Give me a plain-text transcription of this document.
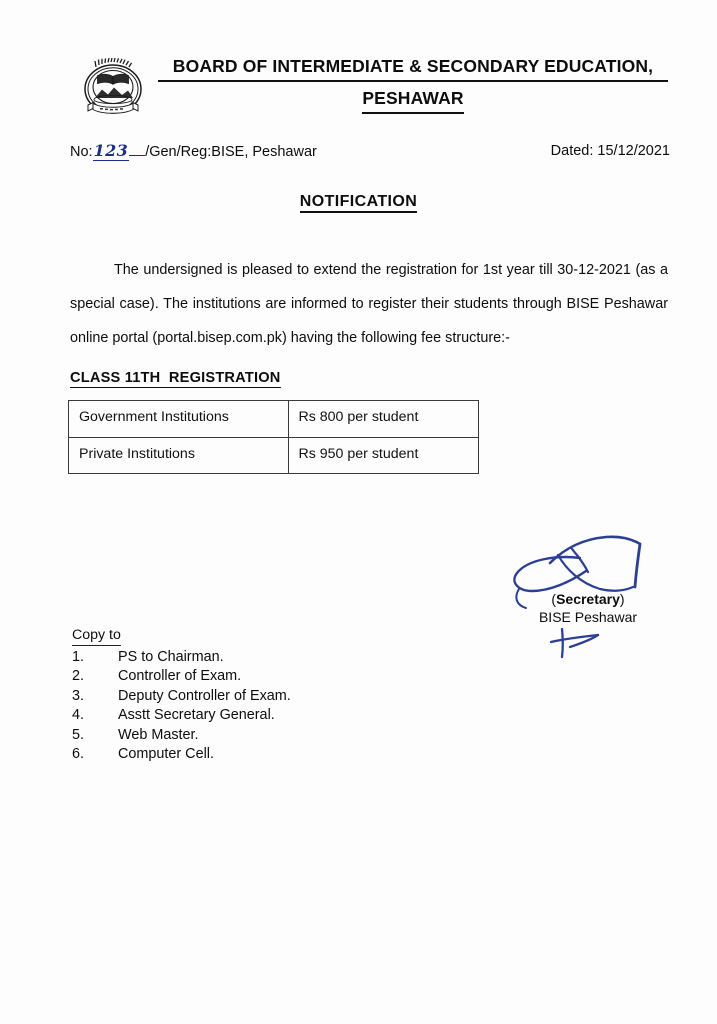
BOARD OF INTERMEDIATE & SECONDARY EDUCATION,
PESHAWAR
No:123 /Gen/Reg:BISE, Peshawar	Dated: 15/12/2021
NOTIFICATION
The undersigned is pleased to extend the registration for 1st year till 30-12-2021 (as a special case). The institutions are informed to register their students through BISE Peshawar online portal (portal.bisep.com.pk) having the following fee structure:-
CLASS 11TH  REGISTRATION
Government Institutions	Rs 800 per student
Private Institutions	Rs 950 per student
(Secretary)
BISE Peshawar
Copy to
1. PS to Chairman.
2. Controller of Exam.
3. Deputy Controller of Exam.
4. Asstt Secretary General.
5. Web Master.
6. Computer Cell.
